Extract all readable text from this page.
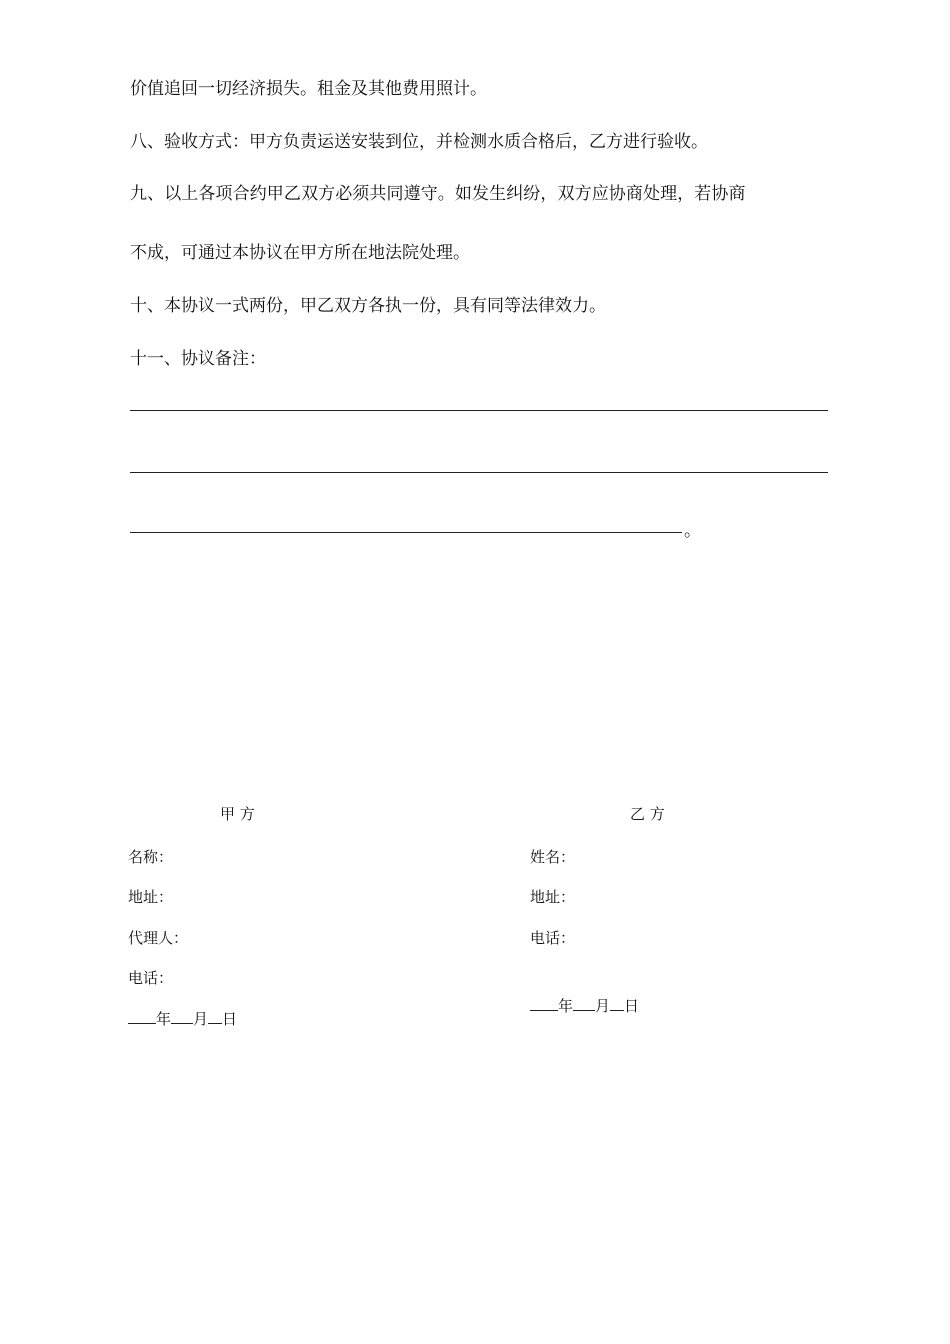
价值追回一切经济损失。租金及其他费用照计。
八、验收方式：甲方负责运送安装到位，并检测水质合格后，乙方进行验收。
九、以上各项合约甲乙双方必须共同遵守。如发生纠纷，双方应协商处理，若协商
不成，可通过本协议在甲方所在地法院处理。
十、本协议一式两份，甲乙双方各执一份，具有同等法律效力。
十一、协议备注：
。
甲 方
名称：
地址：
代理人：
电话：
年 月 日
乙 方
姓名：
地址：
电话：
年 月 日
